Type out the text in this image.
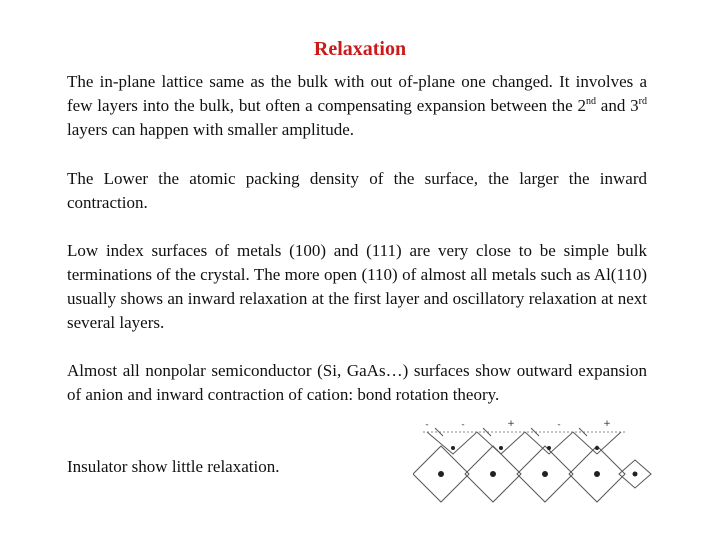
Relaxation

The in-plane lattice same as the bulk with out of-plane one changed. It involves a few layers into the bulk, but often a compensating expansion between the 2nd and 3rd layers can happen with smaller amplitude.

The Lower the atomic packing density of the surface, the larger the inward contraction.

Low index surfaces of metals (100) and (111) are very close to be simple bulk terminations of the crystal. The more open (110) of almost all metals such as Al(110) usually shows an inward relaxation at the first layer and oscillatory relaxation at next several layers.

Almost all nonpolar semiconductor (Si, GaAs…) surfaces show outward expansion of anion and inward contraction of cation: bond rotation theory.

Insulator show little relaxation.

-	+	-	+
-
